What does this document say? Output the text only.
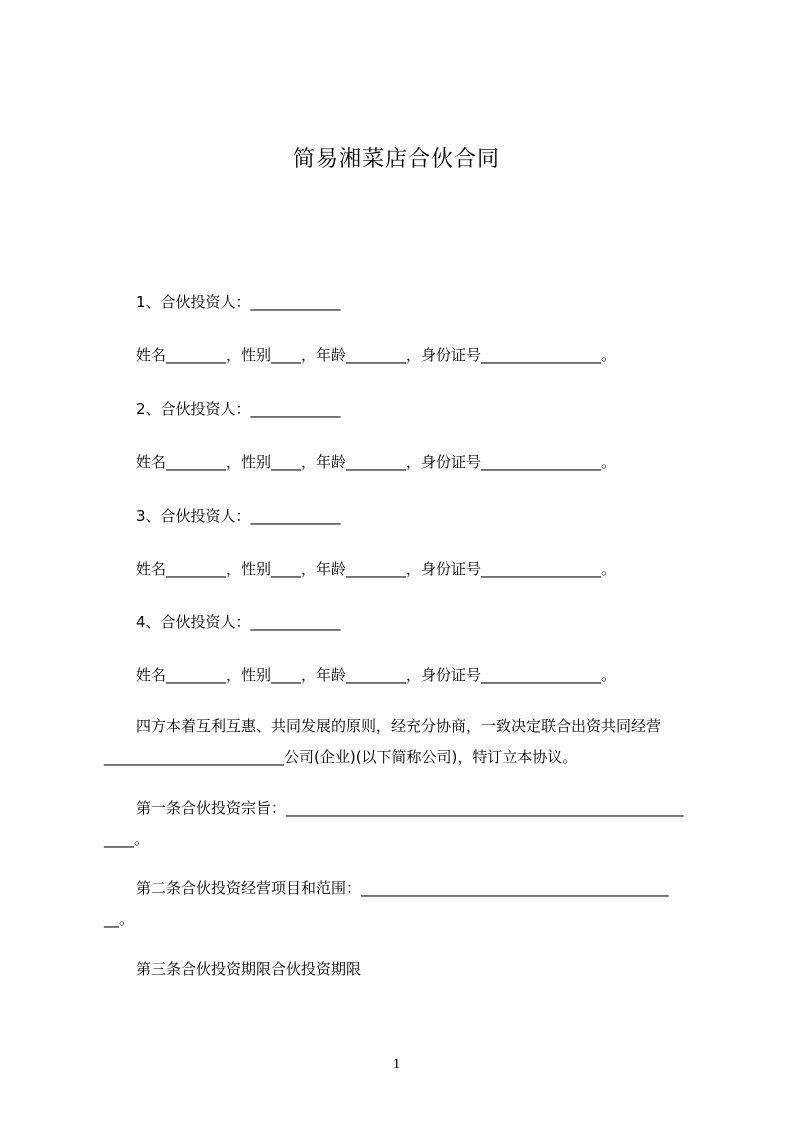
简易湘菜店合伙合同
1、合伙投资人：____________
姓名________，性别____，年龄________，身份证号________________。
2、合伙投资人：____________
姓名________，性别____，年龄________，身份证号________________。
3、合伙投资人：____________
姓名________，性别____，年龄________，身份证号________________。
4、合伙投资人：____________
姓名________，性别____，年龄________，身份证号________________。
四方本着互利互惠、共同发展的原则，经充分协商，一致决定联合出资共同经营
________________________公司(企业)(以下简称公司)，特订立本协议。
第一条合伙投资宗旨：_____________________________________________________
____。
第二条合伙投资经营项目和范围：_________________________________________
__。
第三条合伙投资期限合伙投资期限
1
